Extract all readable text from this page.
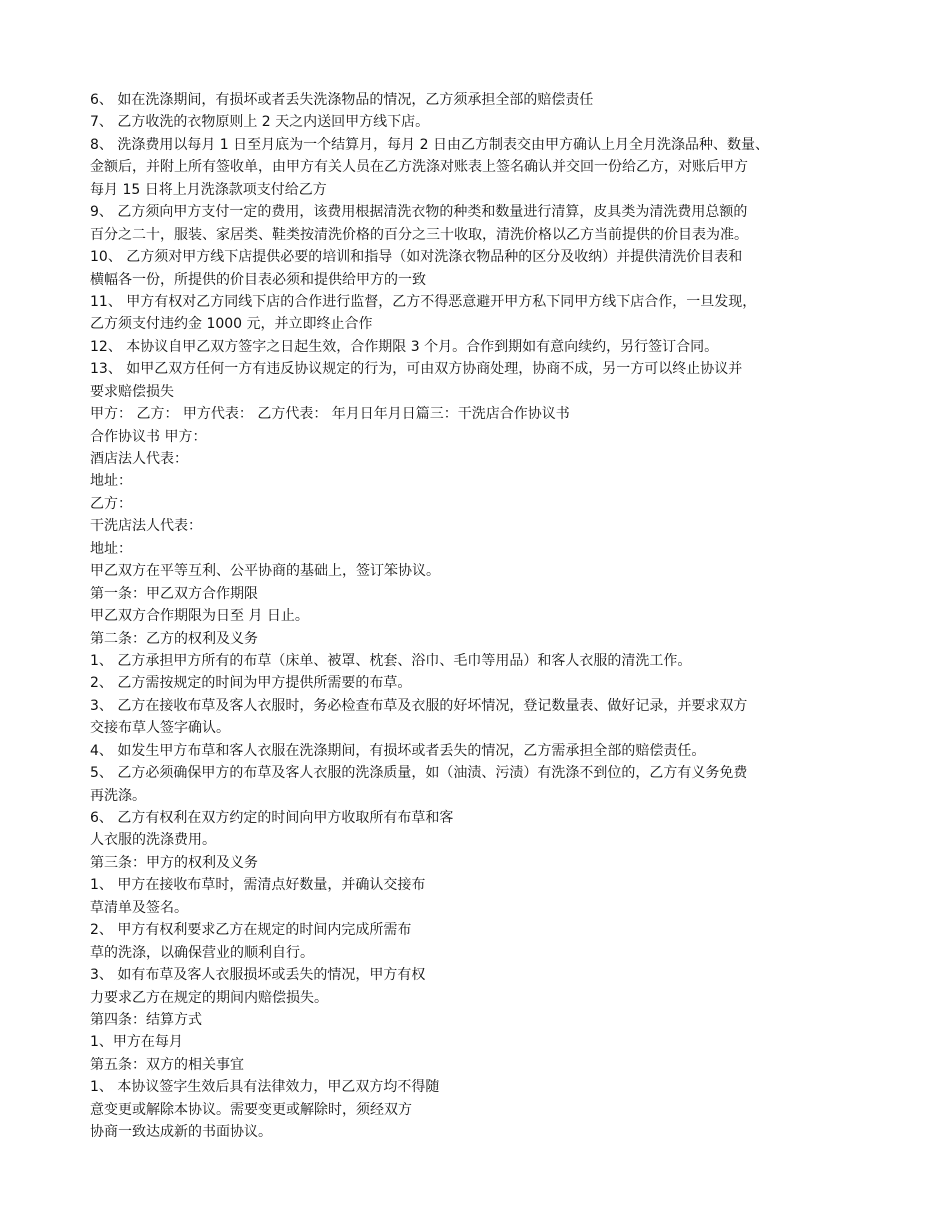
6、 如在洗涤期间，有损坏或者丢失洗涤物品的情况，乙方须承担全部的赔偿责任
7、 乙方收洗的衣物原则上 2 天之内送回甲方线下店。
8、 洗涤费用以每月 1 日至月底为一个结算月，每月 2 日由乙方制表交由甲方确认上月全月洗涤品种、数量、
金额后，并附上所有签收单，由甲方有关人员在乙方洗涤对账表上签名确认并交回一份给乙方，对账后甲方
每月 15 日将上月洗涤款项支付给乙方
9、 乙方须向甲方支付一定的费用，该费用根据清洗衣物的种类和数量进行清算，皮具类为清洗费用总额的
百分之二十，服装、家居类、鞋类按清洗价格的百分之三十收取，清洗价格以乙方当前提供的价目表为准。
10、 乙方须对甲方线下店提供必要的培训和指导（如对洗涤衣物品种的区分及收纳）并提供清洗价目表和
横幅各一份，所提供的价目表必须和提供给甲方的一致
11、 甲方有权对乙方同线下店的合作进行监督，乙方不得恶意避开甲方私下同甲方线下店合作，一旦发现，
乙方须支付违约金 1000 元，并立即终止合作
12、 本协议自甲乙双方签字之日起生效，合作期限 3 个月。合作到期如有意向续约，另行签订合同。
13、 如甲乙双方任何一方有违反协议规定的行为，可由双方协商处理，协商不成，另一方可以终止协议并
要求赔偿损失
甲方： 乙方： 甲方代表： 乙方代表： 年月日年月日篇三：干洗店合作协议书
合作协议书 甲方：
酒店法人代表：
地址：
乙方：
干洗店法人代表：
地址：
甲乙双方在平等互利、公平协商的基础上，签订笨协议。
第一条：甲乙双方合作期限
甲乙双方合作期限为日至 月 日止。
第二条：乙方的权利及义务
1、 乙方承担甲方所有的布草（床单、被罩、枕套、浴巾、毛巾等用品）和客人衣服的清洗工作。
2、 乙方需按规定的时间为甲方提供所需要的布草。
3、 乙方在接收布草及客人衣服时，务必检查布草及衣服的好坏情况，登记数量表、做好记录，并要求双方
交接布草人签字确认。
4、 如发生甲方布草和客人衣服在洗涤期间，有损坏或者丢失的情况，乙方需承担全部的赔偿责任。
5、 乙方必须确保甲方的布草及客人衣服的洗涤质量，如（油渍、污渍）有洗涤不到位的，乙方有义务免费
再洗涤。
6、 乙方有权利在双方约定的时间向甲方收取所有布草和客
人衣服的洗涤费用。
第三条：甲方的权利及义务
1、 甲方在接收布草时，需清点好数量，并确认交接布
草清单及签名。
2、 甲方有权利要求乙方在规定的时间内完成所需布
草的洗涤，以确保营业的顺利自行。
3、 如有布草及客人衣服损坏或丢失的情况，甲方有权
力要求乙方在规定的期间内赔偿损失。
第四条：结算方式
1、甲方在每月
第五条：双方的相关事宜
1、 本协议签字生效后具有法律效力，甲乙双方均不得随
意变更或解除本协议。需要变更或解除时，须经双方
协商一致达成新的书面协议。
